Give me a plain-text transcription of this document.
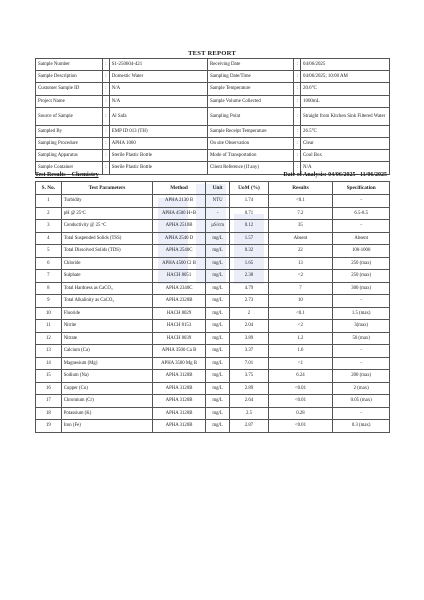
TEST REPORT
Sample Number	:	S1-250604-421	Receiving Date	:	04/06/2025
Sample Description	:	Domestic Water	Sampling Date/Time	:	04/06/2025; 10:00 AM
Customer Sample ID	:	N/A	Sample Temperature	:	20.6°C
Project Name	:	N/A	Sample Volume Collected	:	1000mL
Source of Sample	:	Al Safa	Sampling Point	:	Straight from Kitchen Sink Filtered Water
Sampled By	:	EMP ID 013 (TH)	Sample Receipt Temperature	:	26.5°C
Sampling Procedure	:	APHA 1060	On site Observation	:	Clear
Sampling Apparatus	:	Sterile Plastic Bottle	Mode of Transportation	:	Cool Box
Sample Container	:	Sterile Plastic Bottle	Client Reference (If any)	:	N/A
Test Results – Chemistry	Date of Analysis: 04/06/2025– 11/06/2025
S. No.	Test Parameters	Method	Unit	UoM (%)	Results	Specification
1	Turbidity	APHA 2130 B	NTU	1.74	<0.1	-
2	pH @ 25ºC	APHA 4500 H+B	-	0.71	7.2	6.5-8.5
3	Conductivity @ 25 ºC	APHA 2510B	µS/cm	0.12	35	-
4	Total Suspended Solids (TSS)	APHA 2540 D	mg/L	1.57	Absent	Absent
5	Total Dissolved Solids (TDS)	APHA 2540C	mg/L	0.32	22	100-1000
6	Chloride	APHA 4500 Cl B	mg/L	1.65	13	250 (max)
7	Sulphate	HACH 8051	mg/L	2.38	<2	250 (max)
8	Total Hardness as CaCO₃	APHA 2340C	mg/L	4.79	7	300 (max)
9	Total Alkalinity as CaCO₃	APHA 2320B	mg/L	2.73	10	-
10	Fluoride	HACH 8029	mg/L	2	<0.1	1.5 (max)
11	Nitrite	HACH 8153	mg/L	2.04	<2	3(max)
12	Nitrate	HACH 8039	mg/L	3.89	1.2	50 (max)
13	Calcium (Ca)	APHA 3500 Ca B	mg/L	3.37	1.6	-
14	Magnesium (Mg)	APHA 3500 Mg B	mg/L	7.01	<1	-
15	Sodium (Na)	APHA 3120B	mg/L	3.75	6.24	200 (max)
16	Copper (Cu)	APHA 3120B	mg/L	2.89	<0.01	2 (max)
17	Chromium (Cr)	APHA 3120B	mg/L	2.64	<0.01	0.05 (max)
18	Potassium (K)	APHA 3120B	mg/L	2.5	0.28	-
19	Iron (Fe)	APHA 3120B	mg/L	2.87	<0.01	0.3 (max)
